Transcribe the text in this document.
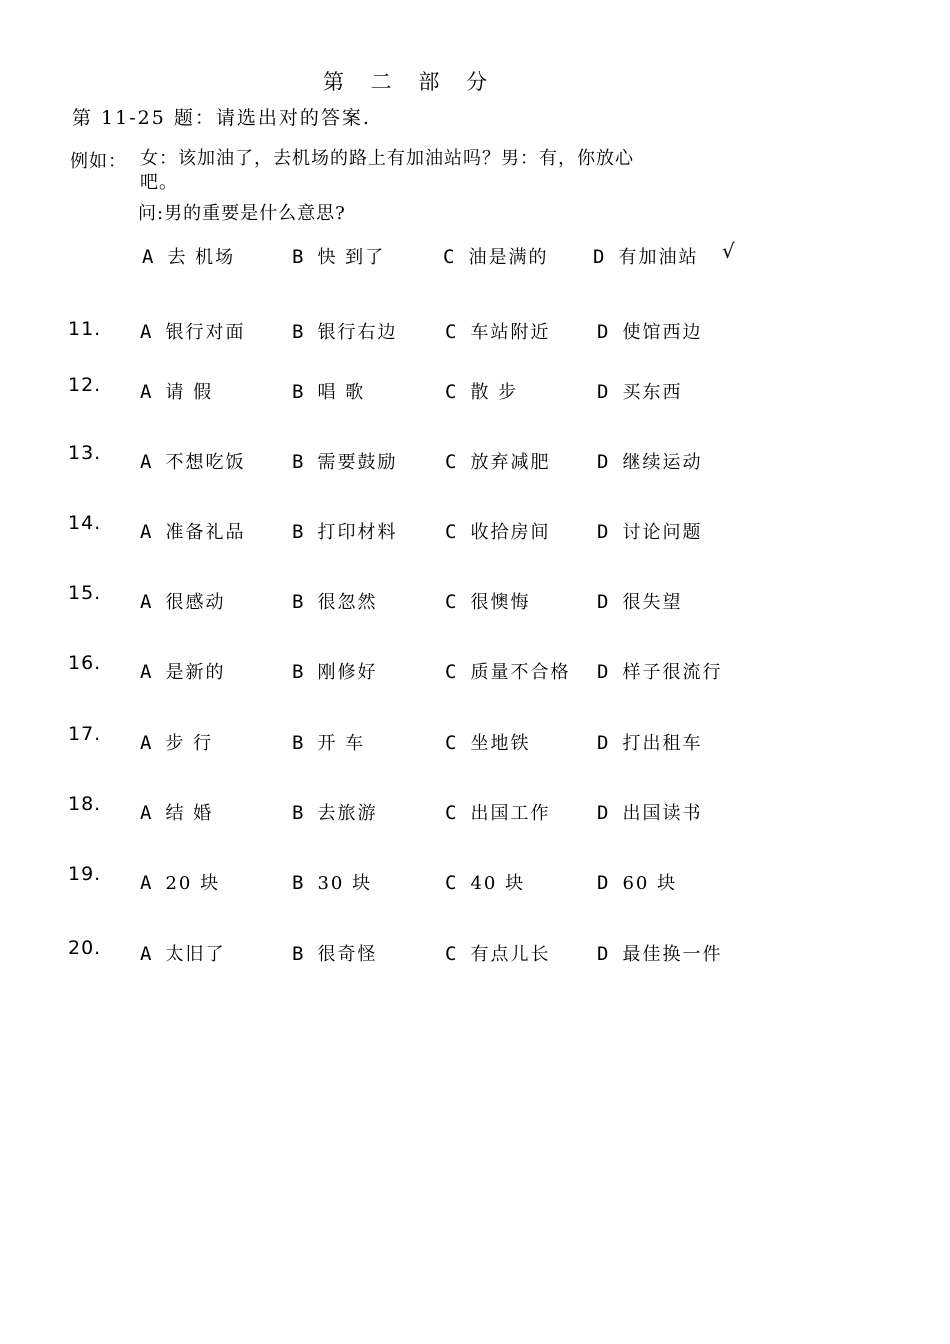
第 二 部 分
第 11-25 题：请选出对的答案.
例如： 女：该加油了，去机场的路上有加油站吗？男：有，你放心吧。
问:男的重要是什么意思?
A 去 机场	B 快 到了	C 油是满的 D 有加油站 √
11. A 银行对面 B 银行右边	C 车站附近 D 使馆西边
12. A 请 假	B 唱 歌	C 散 步	D 买东西
13. A 不想吃饭 B 需要鼓励	C 放弃减肥 D 继续运动
14. A 准备礼品 B 打印材料	C 收拾房间 D 讨论问题
15. A 很感动	B 很忽然	C 很懊悔	D 很失望
16. A 是新的	B 刚修好	C 质量不合格 D 样子很流行
17. A 步 行	B 开 车	C 坐地铁	D 打出租车
18. A 结 婚	B 去旅游	C 出国工作 D 出国读书
19. A 20 块	B 30 块	C 40 块	D 60 块
20. A 太旧了	B 很奇怪	C 有点儿长 D 最佳换一件
